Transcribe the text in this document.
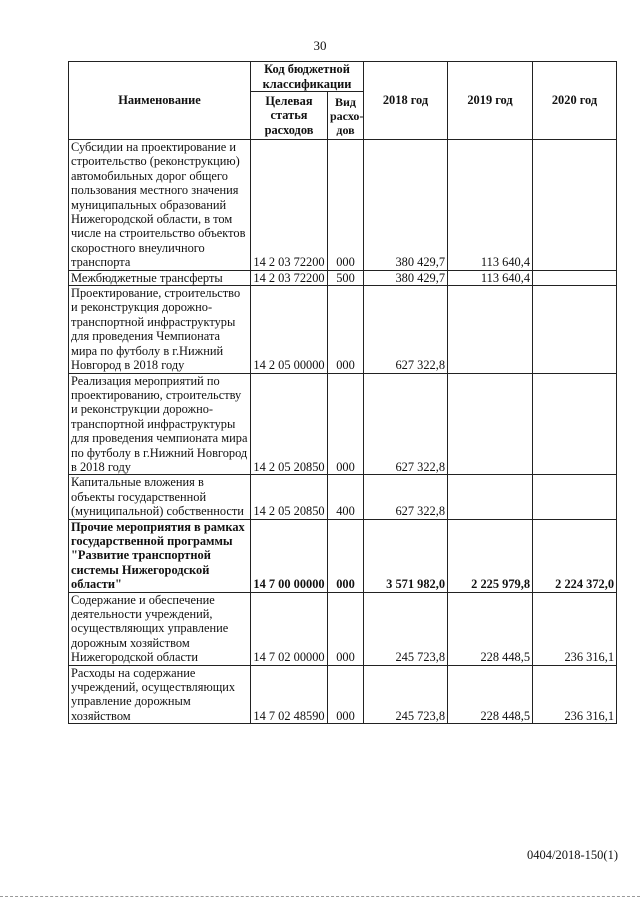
30
Наименование	Код бюджетной классификации		2018 год	2019 год	2020 год
	Целевая статья расходов	Вид расхо-дов			
Субсидии на проектирование и строительство (реконструкцию) автомобильных дорог общего пользования местного значения муниципальных образований Нижегородской области, в том числе на строительство объектов скоростного внеуличного транспорта	14 2 03 72200	000	380 429,7	113 640,4	
Межбюджетные трансферты	14 2 03 72200	500	380 429,7	113 640,4	
Проектирование, строительство и реконструкция дорожно-транспортной инфраструктуры для проведения Чемпионата мира по футболу в г.Нижний Новгород в 2018 году	14 2 05 00000	000	627 322,8		
Реализация мероприятий по проектированию, строительству и реконструкции дорожно-транспортной инфраструктуры для проведения чемпионата мира по футболу в г.Нижний Новгород в 2018 году	14 2 05 20850	000	627 322,8		
Капитальные вложения в объекты государственной (муниципальной) собственности	14 2 05 20850	400	627 322,8		
Прочие мероприятия в рамках государственной программы "Развитие транспортной системы Нижегородской области"	14 7 00 00000	000	3 571 982,0	2 225 979,8	2 224 372,0
Содержание и обеспечение деятельности учреждений, осуществляющих управление дорожным хозяйством Нижегородской области	14 7 02 00000	000	245 723,8	228 448,5	236 316,1
Расходы на содержание учреждений, осуществляющих управление дорожным хозяйством	14 7 02 48590	000	245 723,8	228 448,5	236 316,1
0404/2018-150(1)
